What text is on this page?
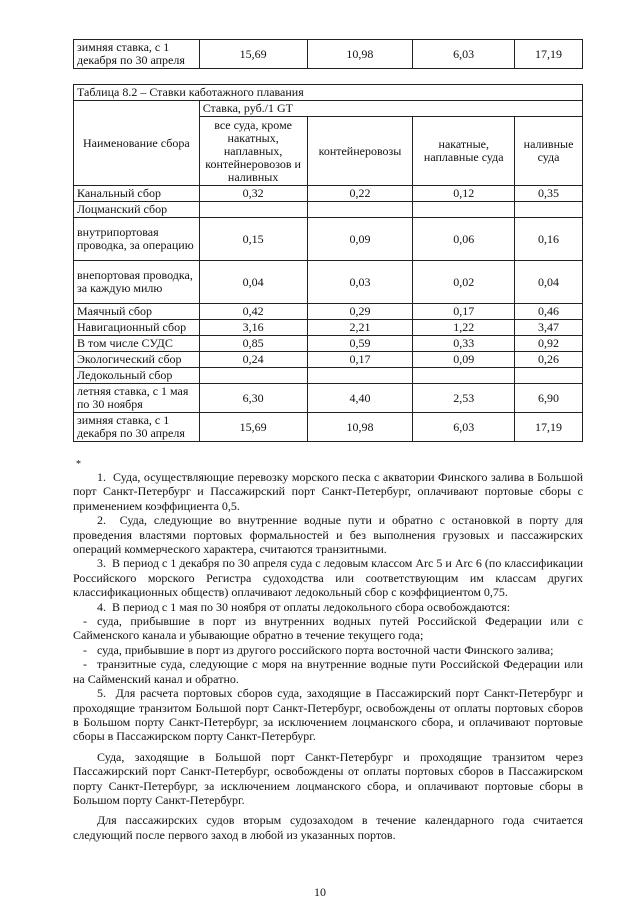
зимняя ставка, с 1 декабря по 30 апреля	15,69	10,98	6,03	17,19
Таблица 8.2 – Ставки каботажного плавания				
Наименование сбора	Ставка, руб./1 GT			
	все суда, кроме накатных, наплавных, контейнеровозов и наливных	контейнеровозы	накатные, наплавные суда	наливные суда
Канальный сбор	0,32	0,22	0,12	0,35
Лоцманский сбор				
внутрипортовая проводка, за операцию	0,15	0,09	0,06	0,16
внепортовая проводка, за каждую милю	0,04	0,03	0,02	0,04
Маячный сбор	0,42	0,29	0,17	0,46
Навигационный сбор	3,16	2,21	1,22	3,47
В том числе СУДС	0,85	0,59	0,33	0,92
Экологический сбор	0,24	0,17	0,09	0,26
Ледокольный сбор				
летняя ставка, с 1 мая по 30 ноября	6,30	4,40	2,53	6,90
зимняя ставка, с 1 декабря по 30 апреля	15,69	10,98	6,03	17,19
*

1.  Суда, осуществляющие перевозку морского песка с акватории Финского залива в Большой порт Санкт-Петербург и Пассажирский порт Санкт-Петербург, оплачивают портовые сборы с применением коэффициента 0,5.

2.  Суда, следующие во внутренние водные пути и обратно с остановкой в порту для проведения властями портовых формальностей и без выполнения грузовых и пассажирских операций коммерческого характера, считаются транзитными.

3.  В период с 1 декабря по 30 апреля суда с ледовым классом Arc 5 и Arc 6 (по классификации Российского морского Регистра судоходства или соответствующим им классам других классификационных обществ) оплачивают ледокольный сбор с коэффициентом 0,75.

4.  В период с 1 мая по 30 ноября от оплаты ледокольного сбора освобождаются:

- суда, прибывшие в порт из внутренних водных путей Российской Федерации или с Сайменского канала и убывающие обратно в течение текущего года;

- суда, прибывшие в порт из другого российского порта восточной части Финского залива;

- транзитные суда, следующие с моря на внутренние водные пути Российской Федерации или на Сайменский канал и обратно.

5.  Для расчета портовых сборов суда, заходящие в Пассажирский порт Санкт-Петербург и проходящие транзитом Большой порт Санкт-Петербург, освобождены от оплаты портовых сборов в Большом порту Санкт-Петербург, за исключением лоцманского сбора, и оплачивают портовые сборы в Пассажирском порту Санкт-Петербург.

Суда, заходящие в Большой порт Санкт-Петербург и проходящие транзитом через Пассажирский порт Санкт-Петербург, освобождены от оплаты портовых сборов в Пассажирском порту Санкт-Петербург, за исключением лоцманского сбора, и оплачивают портовые сборы в Большом порту Санкт-Петербург.

Для пассажирских судов вторым судозаходом в течение календарного года считается следующий после первого заход в любой из указанных портов.

10
